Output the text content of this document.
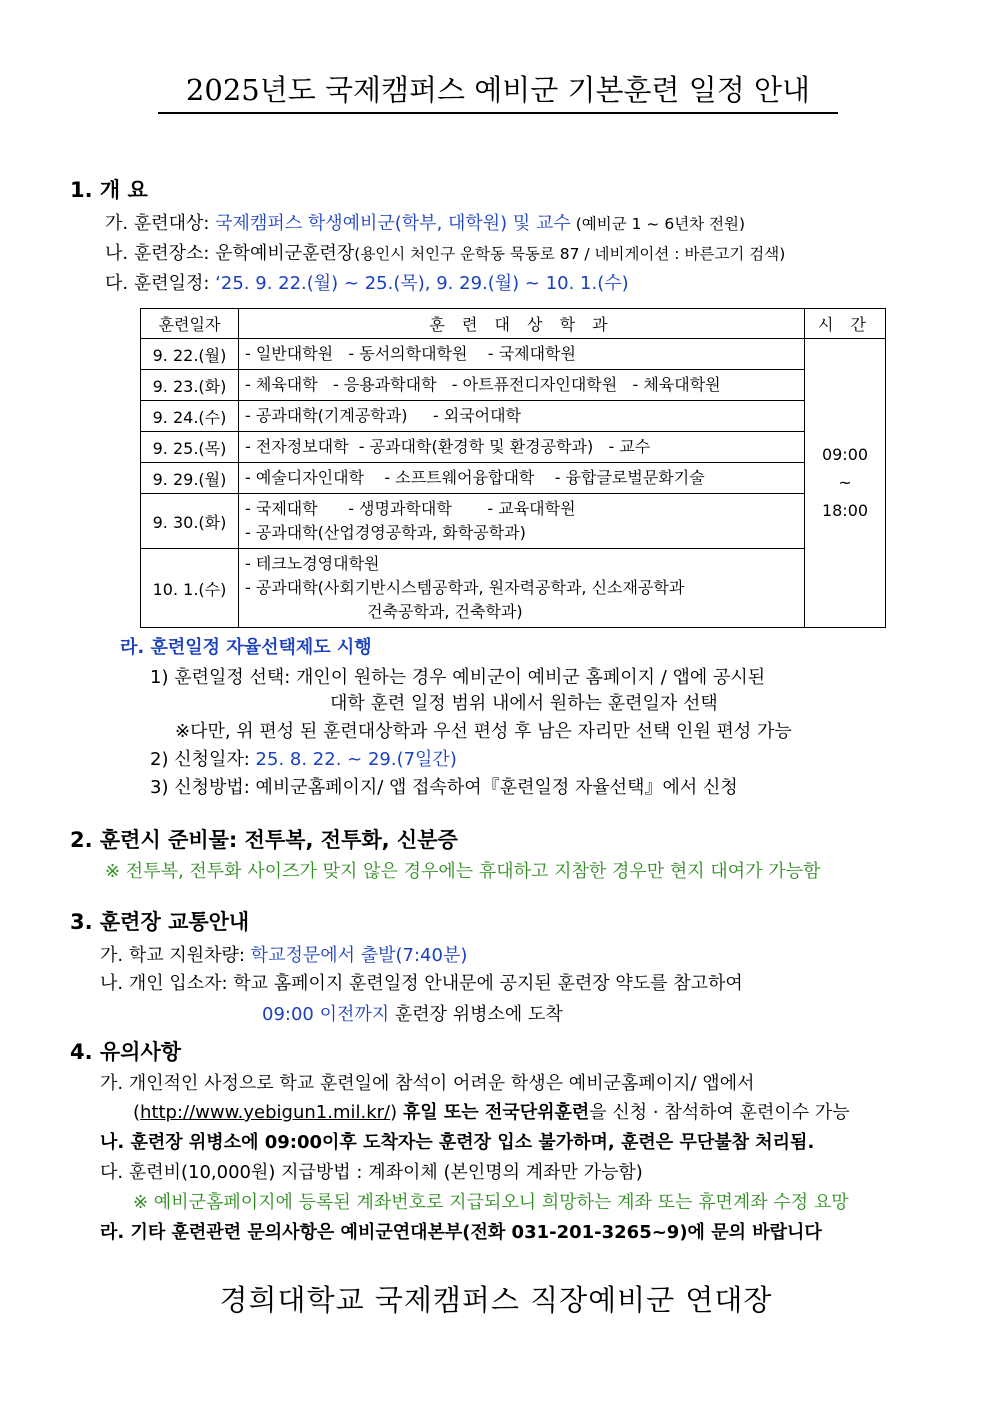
2025년도 국제캠퍼스 예비군 기본훈련 일정 안내
1. 개 요
가. 훈련대상: 국제캠퍼스 학생예비군(학부, 대학원) 및 교수 (예비군 1 ~ 6년차 전원)
나. 훈련장소: 운학예비군훈련장(용인시 처인구 운학동 묵동로 87 / 네비게이션 : 바른고기 검색)
다. 훈련일정: ‘25. 9. 22.(월) ~ 25.(목), 9. 29.(월) ~ 10. 1.(수)
훈련일자	훈 련 대 상 학 과	시 간
9. 22.(월)	- 일반대학원   - 동서의학대학원    - 국제대학원	09:00
~
18:00

9. 23.(화)	- 체육대학   - 응용과학대학   - 아트퓨전디자인대학원   - 체육대학원	

9. 24.(수)	- 공과대학(기계공학과)     - 외국어대학	

9. 25.(목)	- 전자정보대학  - 공과대학(환경학 및 환경공학과)   - 교수	

9. 29.(월)	- 예술디자인대학    - 소프트웨어융합대학    - 융합글로벌문화기술	

9. 30.(화)	- 국제대학      - 생명과학대학       - 교육대학원
- 공과대학(산업경영공학과, 화학공학과)	

10. 1.(수)	- 테크노경영대학원
- 공과대학(사회기반시스템공학과, 원자력공학과, 신소재공학과
건축공학과, 건축학과)	
라. 훈련일정 자율선택제도 시행
1) 훈련일정 선택: 개인이 원하는 경우 예비군이 예비군 홈페이지 / 앱에 공시된
대학 훈련 일정 범위 내에서 원하는 훈련일자 선택
※다만, 위 편성 된 훈련대상학과 우선 편성 후 남은 자리만 선택 인원 편성 가능
2) 신청일자: 25. 8. 22. ~ 29.(7일간)
3) 신청방법: 예비군홈페이지/ 앱 접속하여『훈련일정 자율선택』에서 신청
2. 훈련시 준비물: 전투복, 전투화, 신분증
※ 전투복, 전투화 사이즈가 맞지 않은 경우에는 휴대하고 지참한 경우만 현지 대여가 가능함
3. 훈련장 교통안내
가. 학교 지원차량: 학교정문에서 출발(7:40분)
나. 개인 입소자: 학교 홈페이지 훈련일정 안내문에 공지된 훈련장 약도를 참고하여
09:00 이전까지 훈련장 위병소에 도착
4. 유의사항
가. 개인적인 사정으로 학교 훈련일에 참석이 어려운 학생은 예비군홈페이지/ 앱에서
(http://www.yebigun1.mil.kr/) 휴일 또는 전국단위훈련을 신청 · 참석하여 훈련이수 가능
나. 훈련장 위병소에 09:00이후 도착자는 훈련장 입소 불가하며, 훈련은 무단불참 처리됨.
다. 훈련비(10,000원) 지급방법 : 계좌이체 (본인명의 계좌만 가능함)
※ 예비군홈페이지에 등록된 계좌번호로 지급되오니 희망하는 계좌 또는 휴면계좌 수정 요망
라. 기타 훈련관련 문의사항은 예비군연대본부(전화 031-201-3265~9)에 문의 바랍니다
경희대학교 국제캠퍼스 직장예비군 연대장
